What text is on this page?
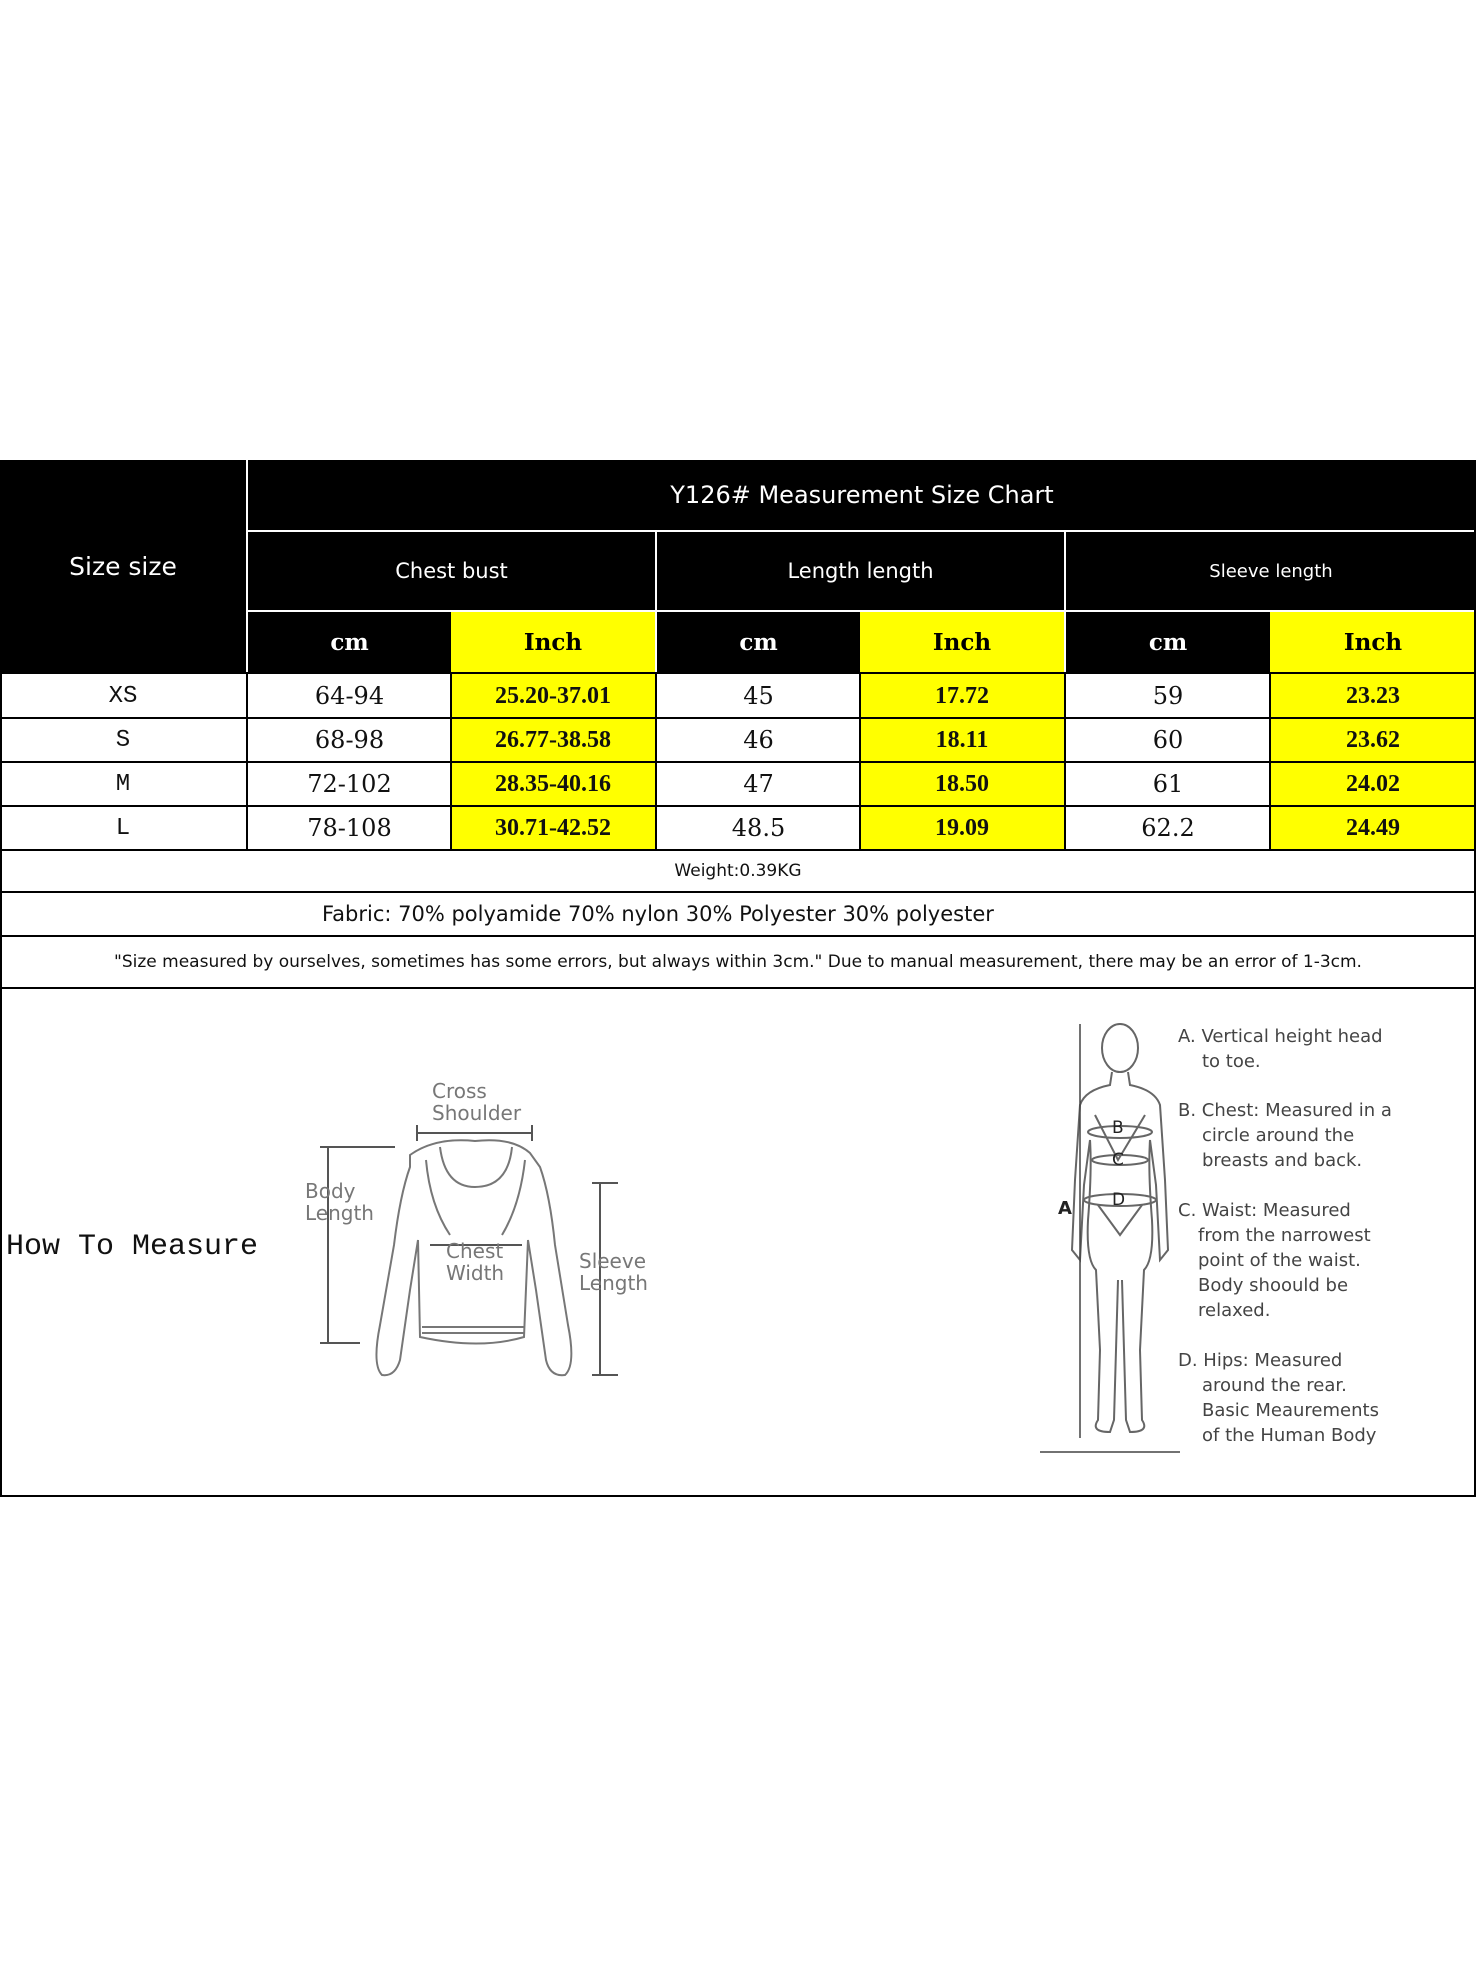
Size size
Y126# Measurement Size Chart
Chest bust	Length length	Sleeve length
cm	Inch	cm	Inch	cm	Inch
XS	64-94	25.20-37.01	45	17.72	59	23.23
S	68-98	26.77-38.58	46	18.11	60	23.62
M	72-102	28.35-40.16	47	18.50	61	24.02
L	78-108	30.71-42.52	48.5	19.09	62.2	24.49
Weight:0.39KG
Fabric: 70% polyamide 70% nylon 30% Polyester 30% polyester
"Size measured by ourselves, sometimes has some errors, but always within 3cm." Due to manual measurement, there may be an error of 1-3cm.
How To Measure
Cross
Shoulder
Body
Length
Chest
Width	Sleeve
Length
A
B
C
D
A. Vertical height head
to toe.
B. Chest: Measured in a
circle around the
breasts and back.
C. Waist: Measured
from the narrowest
point of the waist.
Body shoould be
relaxed.
D. Hips: Measured
around the rear.
Basic Meaurements
of the Human Body
